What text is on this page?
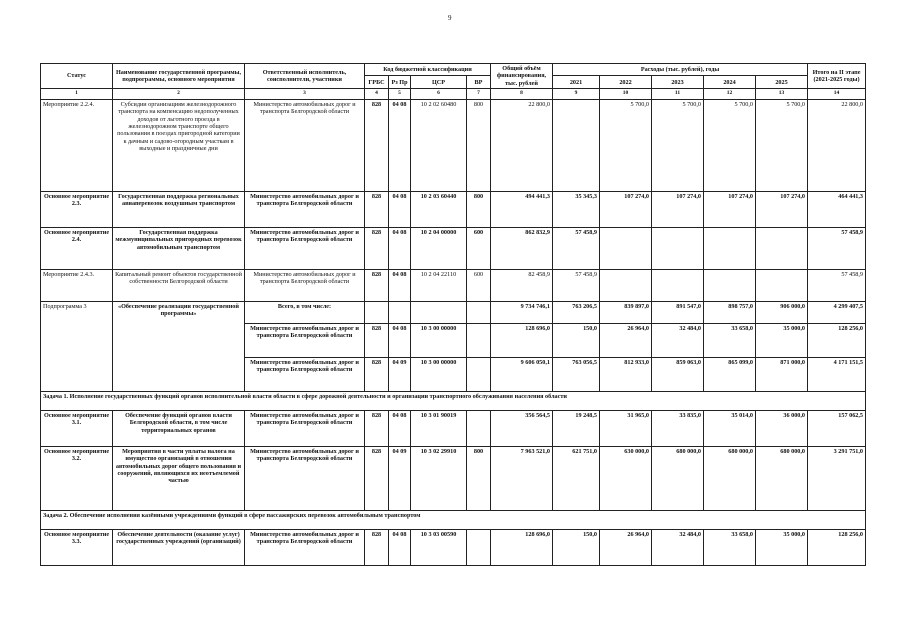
9
Статус	Наименование государственной программы, подпрограммы, основного мероприятия	Ответственный исполнитель, соисполнители, участники	Код бюджетной классификации				Общий объём финансирования, тыс. рублей	Расходы (тыс. рублей), годы					Итого на II этапе (2021-2025 годы)
			ГРБС	Рз Пр	ЦСР	ВР		2021	2022	2023	2024	2025	
1	2	3	4	5	6	7	8	9	10	11	12	13	14
Мероприятие 2.2.4.	Субсидии организациям железнодорожного транспорта на компенсацию недополученных доходов от льготного проезда в железнодорожном транспорте общего пользования в поездах пригородной категории к дачным и садово-огородным участкам в выходные и праздничные дни	Министерство автомобильных дорог и транспорта Белгородской области	828	04 08	10 2 02 60480	800	22 800,0		5 700,0	5 700,0	5 700,0	5 700,0	22 800,0
Основное мероприятие 2.3.	Государственная поддержка региональных авиаперевозок воздушным транспортом	Министерство автомобильных дорог и транспорта Белгородской области	828	04 08	10 2 03 60440	800	494 441,3	35 345,3	107 274,0	107 274,0	107 274,0	107 274,0	464 441,3
Основное мероприятие 2.4.	Государственная поддержка межмуниципальных пригородных перевозок автомобильным транспортом	Министерство автомобильных дорог и транспорта Белгородской области	828	04 08	10 2 04 00000	600	862 832,9	57 458,9					57 458,9
Мероприятие 2.4.3.	Капитальный ремонт объектов государственной собственности Белгородской области	Министерство автомобильных дорог и транспорта Белгородской области	828	04 08	10 2 04 22110	600	82 458,9	57 458,9					57 458,9
Подпрограмма 3	«Обеспечение реализации государственной программы»	Всего, в том числе:					9 734 746,1	763 206,5	839 897,0	891 547,0	898 757,0	906 000,0	4 299 407,5
		Министерство автомобильных дорог и транспорта Белгородской области	828	04 08	10 3 00 00000		128 696,0	150,0	26 964,0	32 484,0	33 658,0	35 000,0	128 256,0
		Министерство автомобильных дорог и транспорта Белгородской области	828	04 09	10 3 00 00000		9 606 050,1	763 056,5	812 933,0	859 063,0	865 099,0	871 000,0	4 171 151,5
Задача 1. Исполнение государственных функций органов исполнительной власти области в сфере дорожной деятельности и организации транспортного обслуживания населения области													
Основное мероприятие 3.1.	Обеспечение функций органов власти Белгородской области, в том числе территориальных органов	Министерство автомобильных дорог и транспорта Белгородской области	828	04 08	10 3 01 90019		356 564,5	19 248,5	31 965,0	33 835,0	35 014,0	36 000,0	157 062,5
Основное мероприятие 3.2.	Мероприятия в части уплаты налога на имущество организаций в отношении автомобильных дорог общего пользования и сооружений, являющихся их неотъемлемой частью	Министерство автомобильных дорог и транспорта Белгородской области	828	04 09	10 3 02 29910	800	7 963 521,0	621 751,0	630 000,0	680 000,0	680 000,0	680 000,0	3 291 751,0
Задача 2. Обеспечение исполнения казёнными учреждениями функций в сфере пассажирских перевозок автомобильным транспортом													
Основное мероприятие 3.3.	Обеспечение деятельности (оказание услуг) государственных учреждений (организаций)	Министерство автомобильных дорог и транспорта Белгородской области	828	04 08	10 3 03 00590		128 696,0	150,0	26 964,0	32 484,0	33 658,0	35 000,0	128 256,0
